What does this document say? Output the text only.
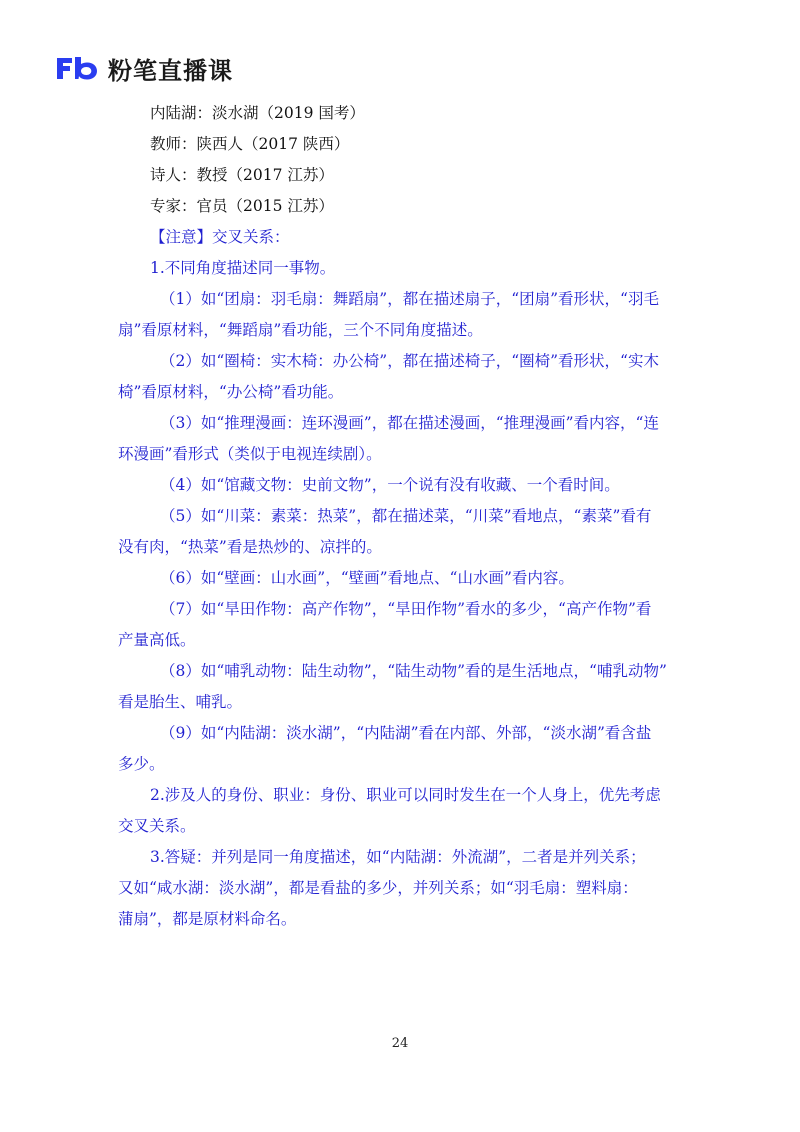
粉笔直播课

内陆湖：淡水湖（2019 国考）

教师：陕西人（2017 陕西）

诗人：教授（2017 江苏）

专家：官员（2015 江苏）

【注意】交叉关系：

1.不同角度描述同一事物。

（1）如“团扇：羽毛扇：舞蹈扇”，都在描述扇子，“团扇”看形状，“羽毛

扇”看原材料，“舞蹈扇”看功能，三个不同角度描述。

（2）如“圈椅：实木椅：办公椅”，都在描述椅子，“圈椅”看形状，“实木

椅”看原材料，“办公椅”看功能。

（3）如“推理漫画：连环漫画”，都在描述漫画，“推理漫画”看内容，“连

环漫画”看形式（类似于电视连续剧）。

（4）如“馆藏文物：史前文物”，一个说有没有收藏、一个看时间。

（5）如“川菜：素菜：热菜”，都在描述菜，“川菜”看地点，“素菜”看有

没有肉，“热菜”看是热炒的、凉拌的。

（6）如“壁画：山水画”，“壁画”看地点、“山水画”看内容。

（7）如“旱田作物：高产作物”，“旱田作物”看水的多少，“高产作物”看

产量高低。

（8）如“哺乳动物：陆生动物”，“陆生动物”看的是生活地点，“哺乳动物”

看是胎生、哺乳。

（9）如“内陆湖：淡水湖”，“内陆湖”看在内部、外部，“淡水湖”看含盐

多少。

2.涉及人的身份、职业：身份、职业可以同时发生在一个人身上，优先考虑

交叉关系。

3.答疑：并列是同一角度描述，如“内陆湖：外流湖”，二者是并列关系；

又如“咸水湖：淡水湖”，都是看盐的多少，并列关系；如“羽毛扇：塑料扇：

蒲扇”，都是原材料命名。

24
